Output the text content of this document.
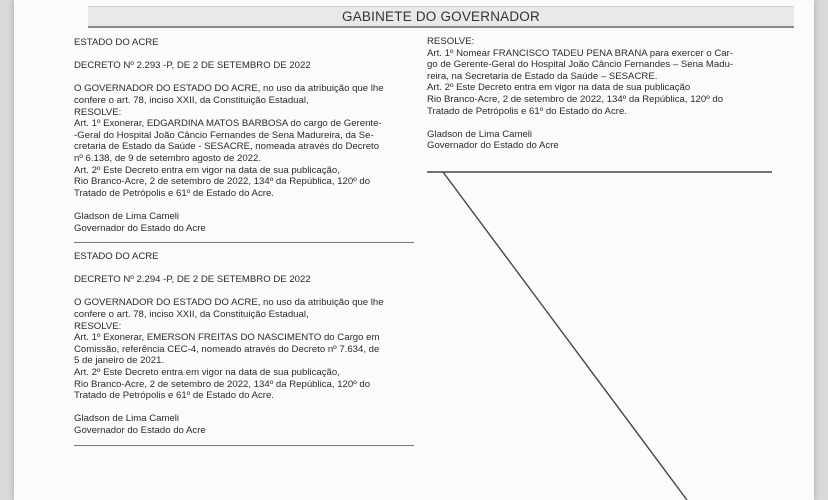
GABINETE DO GOVERNADOR

ESTADO DO ACRE

DECRETO Nº 2.293 -P, DE 2 DE SETEMBRO DE 2022

O GOVERNADOR DO ESTADO DO ACRE, no uso da atribuição que lhe

confere o art. 78, inciso XXII, da Constituição Estadual,

RESOLVE:

Art. 1º Exonerar, EDGARDINA MATOS BARBOSA do cargo de Gerente-

-Geral do Hospital João Câncio Fernandes de Sena Madureira, da Se-

cretaria de Estado da Saúde - SESACRE, nomeada através do Decreto

nº 6.138, de 9 de setembro agosto de 2022.

Art. 2º Este Decreto entra em vigor na data de sua publicação,

Rio Branco-Acre, 2 de setembro de 2022, 134º da República, 120º do

Tratado de Petrópolis e 61º de Estado do Acre.

Gladson de Lima Cameli

Governador do Estado do Acre

ESTADO DO ACRE

DECRETO Nº 2.294 -P, DE 2 DE SETEMBRO DE 2022

O GOVERNADOR DO ESTADO DO ACRE, no uso da atribuição que lhe

confere o art. 78, inciso XXII, da Constituição Estadual,

RESOLVE:

Art. 1º Exonerar, EMERSON FREITAS DO NASCIMENTO do Cargo em

Comissão, referência CEC-4, nomeado através do Decreto nº 7.634, de

5 de janeiro de 2021.

Art. 2º Este Decreto entra em vigor na data de sua publicação,

Rio Branco-Acre, 2 de setembro de 2022, 134º da República, 120º do

Tratado de Petrópolis e 61º de Estado do Acre.

Gladson de Lima Cameli

Governador do Estado do Acre

RESOLVE:

Art. 1º Nomear FRANCISCO TADEU PENA BRANA para exercer o Car-

go de Gerente-Geral do Hospital João Câncio Fernandes – Sena Madu-

reira, na Secretaria de Estado da Saúde – SESACRE.

Art. 2º Este Decreto entra em vigor na data de sua publicação

Rio Branco-Acre, 2 de setembro de 2022, 134º da República, 120º do

Tratado de Petrópolis e 61º do Estado do Acre.

Gladson de Lima Cameli

Governador do Estado do Acre
